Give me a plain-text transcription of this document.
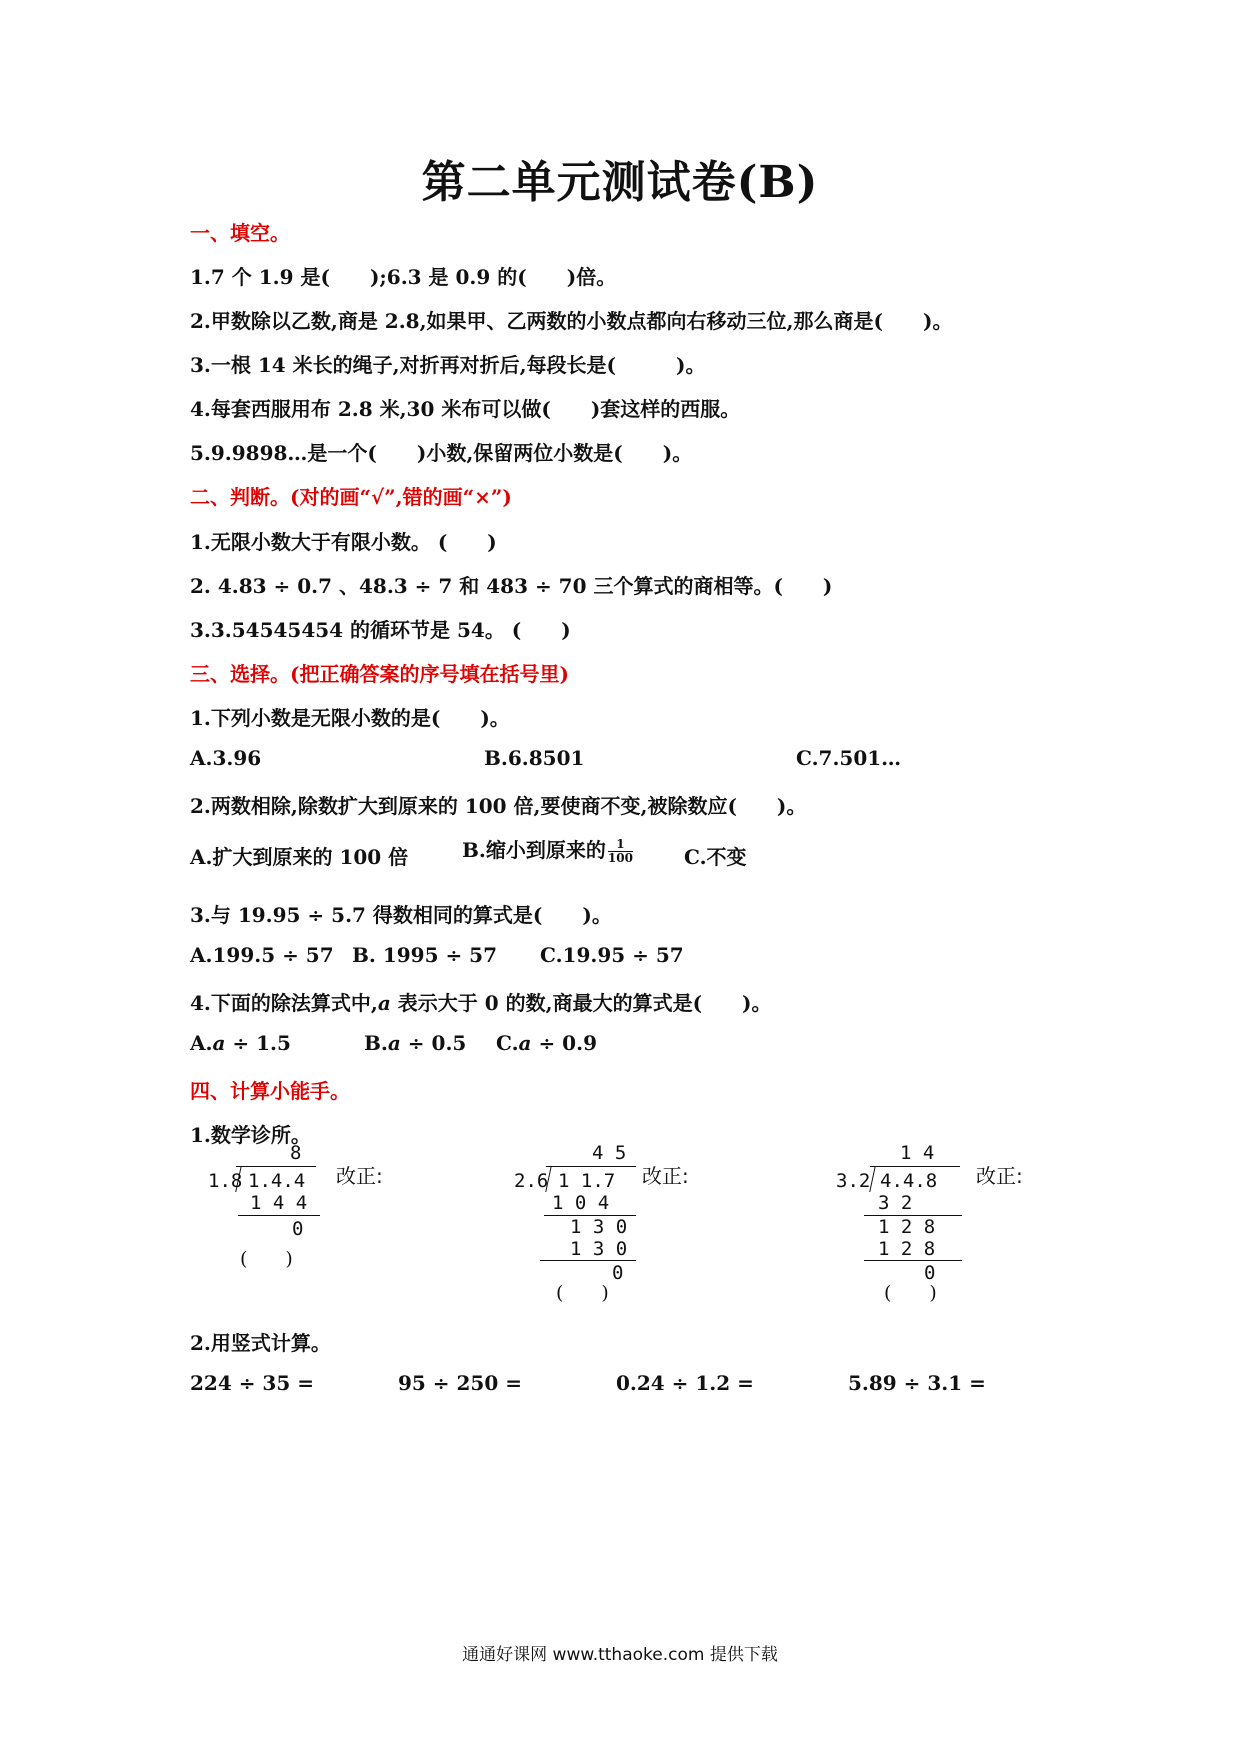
第二单元测试卷(B)
一、填空。
1.7 个 1.9 是(　　);6.3 是 0.9 的(　　)倍。
2.甲数除以乙数,商是 2.8,如果甲、乙两数的小数点都向右移动三位,那么商是(　　)。
3.一根 14 米长的绳子,对折再对折后,每段长是(　　　)。
4.每套西服用布 2.8 米,30 米布可以做(　　)套这样的西服。
5.9.9898…是一个(　　)小数,保留两位小数是(　　)。
二、判断。(对的画“√”,错的画“×”)
1.无限小数大于有限小数。 (　　)
2. 4.83 ÷ 0.7 、48.3 ÷ 7 和 483 ÷ 70 三个算式的商相等。(　　)
3.3.54545454 的循环节是 54。 (　　)
三、选择。(把正确答案的序号填在括号里)
1.下列小数是无限小数的是(　　)。
A.3.96	B.6.8501	C.7.501…
2.两数相除,除数扩大到原来的 100 倍,要使商不变,被除数应(　　)。
A.扩大到原来的 100 倍	B.缩小到原来的 $\frac{1}{100}$	C.不变
3.与 19.95 ÷ 5.7 得数相同的算式是(　　)。
A.199.5 ÷ 57 B. 1995 ÷ 57 C.19.95 ÷ 57
4.下面的除法算式中,a 表示大于 0 的数,商最大的算式是(　　)。
A.a ÷ 1.5	B.a ÷ 0.5 C.a ÷ 0.9
四、计算小能手。
1.数学诊所。
8
1.8 1.4.4
1 4 4
0
改正:
(　　)
4 5
2.6 1 1.7
1 0 4
1 3 0
1 3 0
0
改正:
(　　)
1 4
3.2 4.4.8
3 2
1 2 8
1 2 8
0
改正:
(　　)
2.用竖式计算。
224 ÷ 35 =	95 ÷ 250 =	0.24 ÷ 1.2 =	5.89 ÷ 3.1 =
通通好课网 www.tthaoke.com 提供下载
